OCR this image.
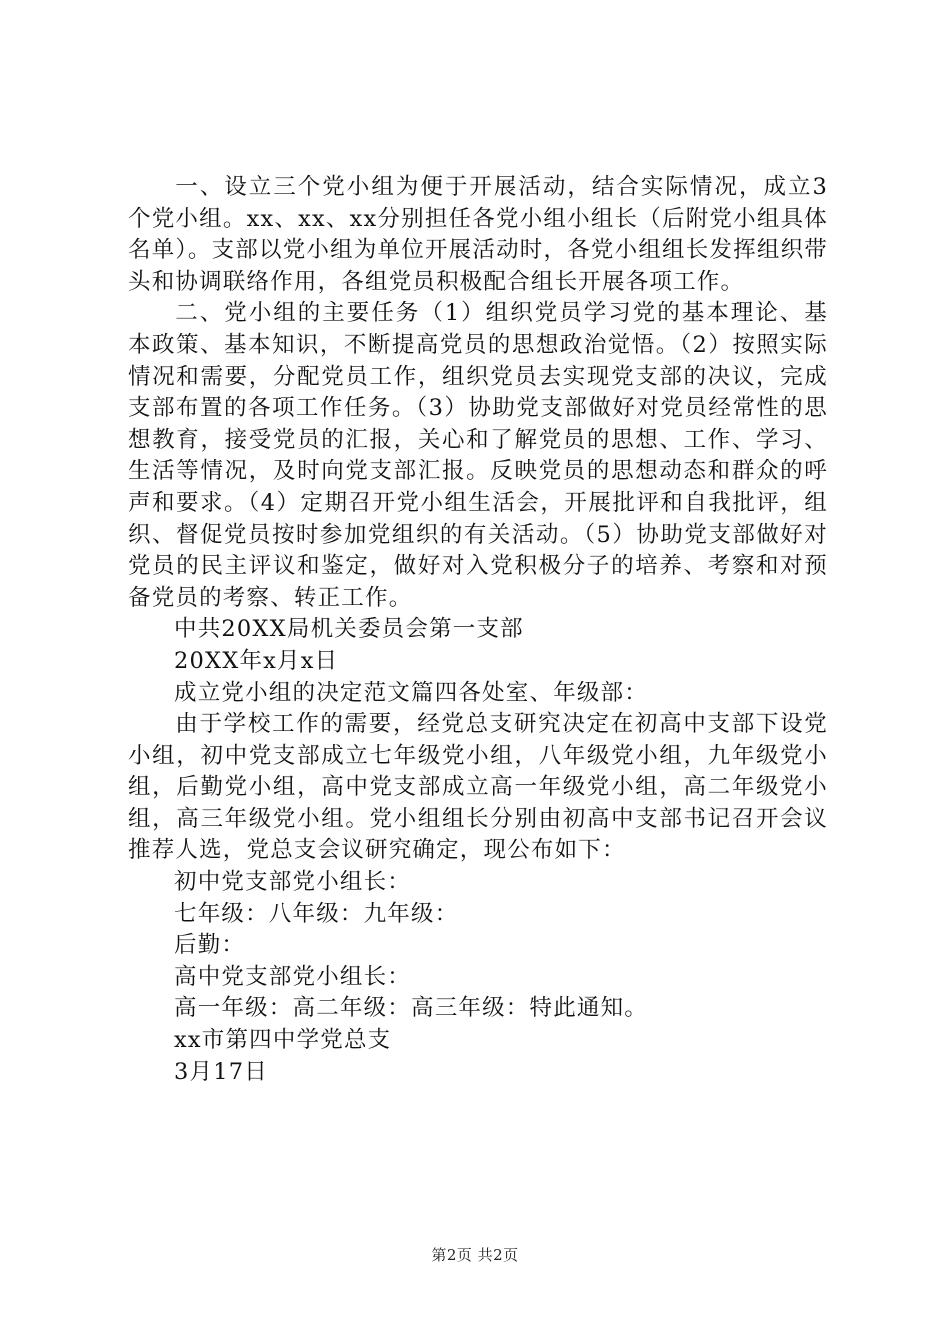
一、设立三个党小组为便于开展活动，结合实际情况，成立3个党小组。xx、xx、xx分别担任各党小组小组长（后附党小组具体名单）。支部以党小组为单位开展活动时，各党小组组长发挥组织带头和协调联络作用，各组党员积极配合组长开展各项工作。

二、党小组的主要任务（1）组织党员学习党的基本理论、基本政策、基本知识，不断提高党员的思想政治觉悟。（2）按照实际情况和需要，分配党员工作，组织党员去实现党支部的决议，完成支部布置的各项工作任务。（3）协助党支部做好对党员经常性的思想教育，接受党员的汇报，关心和了解党员的思想、工作、学习、生活等情况，及时向党支部汇报。反映党员的思想动态和群众的呼声和要求。（4）定期召开党小组生活会，开展批评和自我批评，组织、督促党员按时参加党组织的有关活动。（5）协助党支部做好对党员的民主评议和鉴定，做好对入党积极分子的培养、考察和对预备党员的考察、转正工作。

中共20XX局机关委员会第一支部

20XX年x月x日

成立党小组的决定范文篇四各处室、年级部：

由于学校工作的需要，经党总支研究决定在初高中支部下设党小组，初中党支部成立七年级党小组，八年级党小组，九年级党小组，后勤党小组，高中党支部成立高一年级党小组，高二年级党小组，高三年级党小组。党小组组长分别由初高中支部书记召开会议推荐人选，党总支会议研究确定，现公布如下：

初中党支部党小组长：

七年级：八年级：九年级：

后勤：

高中党支部党小组长：

高一年级：高二年级：高三年级：特此通知。

xx市第四中学党总支

3月17日

第2页 共2页
